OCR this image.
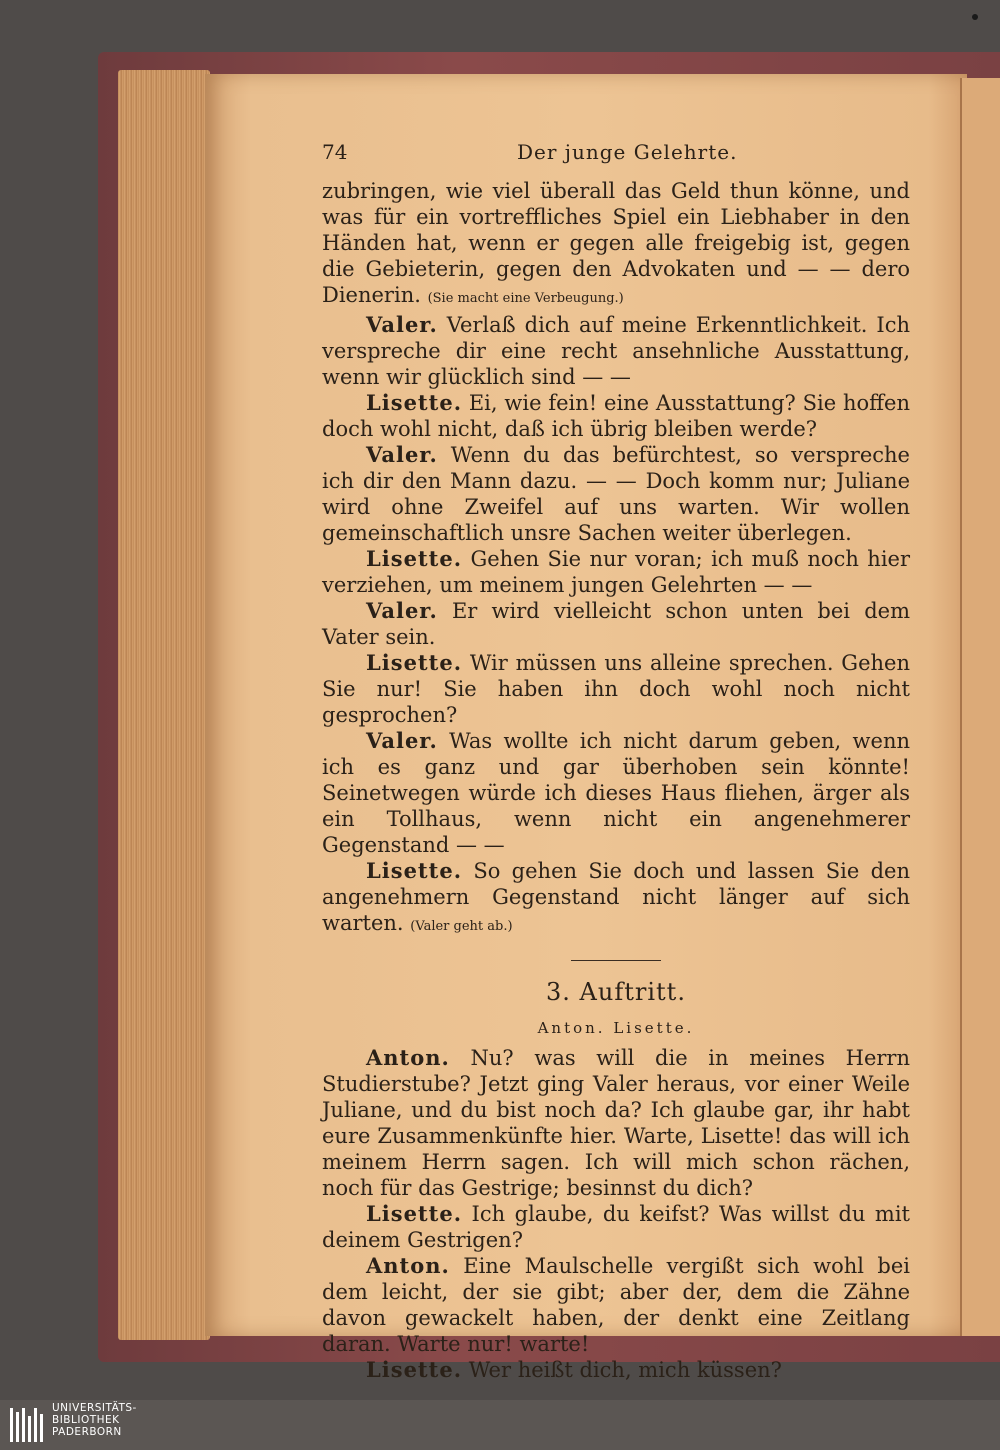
74	Der junge Gelehrte.

zubringen, wie viel überall das Geld thun könne, und was für ein vortreffliches Spiel ein Liebhaber in den Händen hat, wenn er gegen alle freigebig ist, gegen die Gebieterin, gegen den Advokaten und — — dero Dienerin. (Sie macht eine Verbeugung.)

Valer. Verlaß dich auf meine Erkenntlichkeit. Ich verspreche dir eine recht ansehnliche Ausstattung, wenn wir glücklich sind — —

Lisette. Ei, wie fein! eine Ausstattung? Sie hoffen doch wohl nicht, daß ich übrig bleiben werde?

Valer. Wenn du das befürchtest, so verspreche ich dir den Mann dazu. — — Doch komm nur; Juliane wird ohne Zweifel auf uns warten. Wir wollen gemeinschaftlich unsre Sachen weiter überlegen.

Lisette. Gehen Sie nur voran; ich muß noch hier verziehen, um meinem jungen Gelehrten — —

Valer. Er wird vielleicht schon unten bei dem Vater sein.

Lisette. Wir müssen uns alleine sprechen. Gehen Sie nur! Sie haben ihn doch wohl noch nicht gesprochen?

Valer. Was wollte ich nicht darum geben, wenn ich es ganz und gar überhoben sein könnte! Seinetwegen würde ich dieses Haus fliehen, ärger als ein Tollhaus, wenn nicht ein angenehmerer Gegenstand — —

Lisette. So gehen Sie doch und lassen Sie den angenehmern Gegenstand nicht länger auf sich warten. (Valer geht ab.)

3. Auftritt.
Anton. Lisette.

Anton. Nu? was will die in meines Herrn Studierstube? Jetzt ging Valer heraus, vor einer Weile Juliane, und du bist noch da? Ich glaube gar, ihr habt eure Zusammenkünfte hier. Warte, Lisette! das will ich meinem Herrn sagen. Ich will mich schon rächen, noch für das Gestrige; besinnst du dich?

Lisette. Ich glaube, du keifst? Was willst du mit deinem Gestrigen?

Anton. Eine Maulschelle vergißt sich wohl bei dem leicht, der sie gibt; aber der, dem die Zähne davon gewackelt haben, der denkt eine Zeitlang daran. Warte nur! warte!

Lisette. Wer heißt dich, mich küssen?

UNIVERSITÄTS-
BIBLIOTHEK
PADERBORN
